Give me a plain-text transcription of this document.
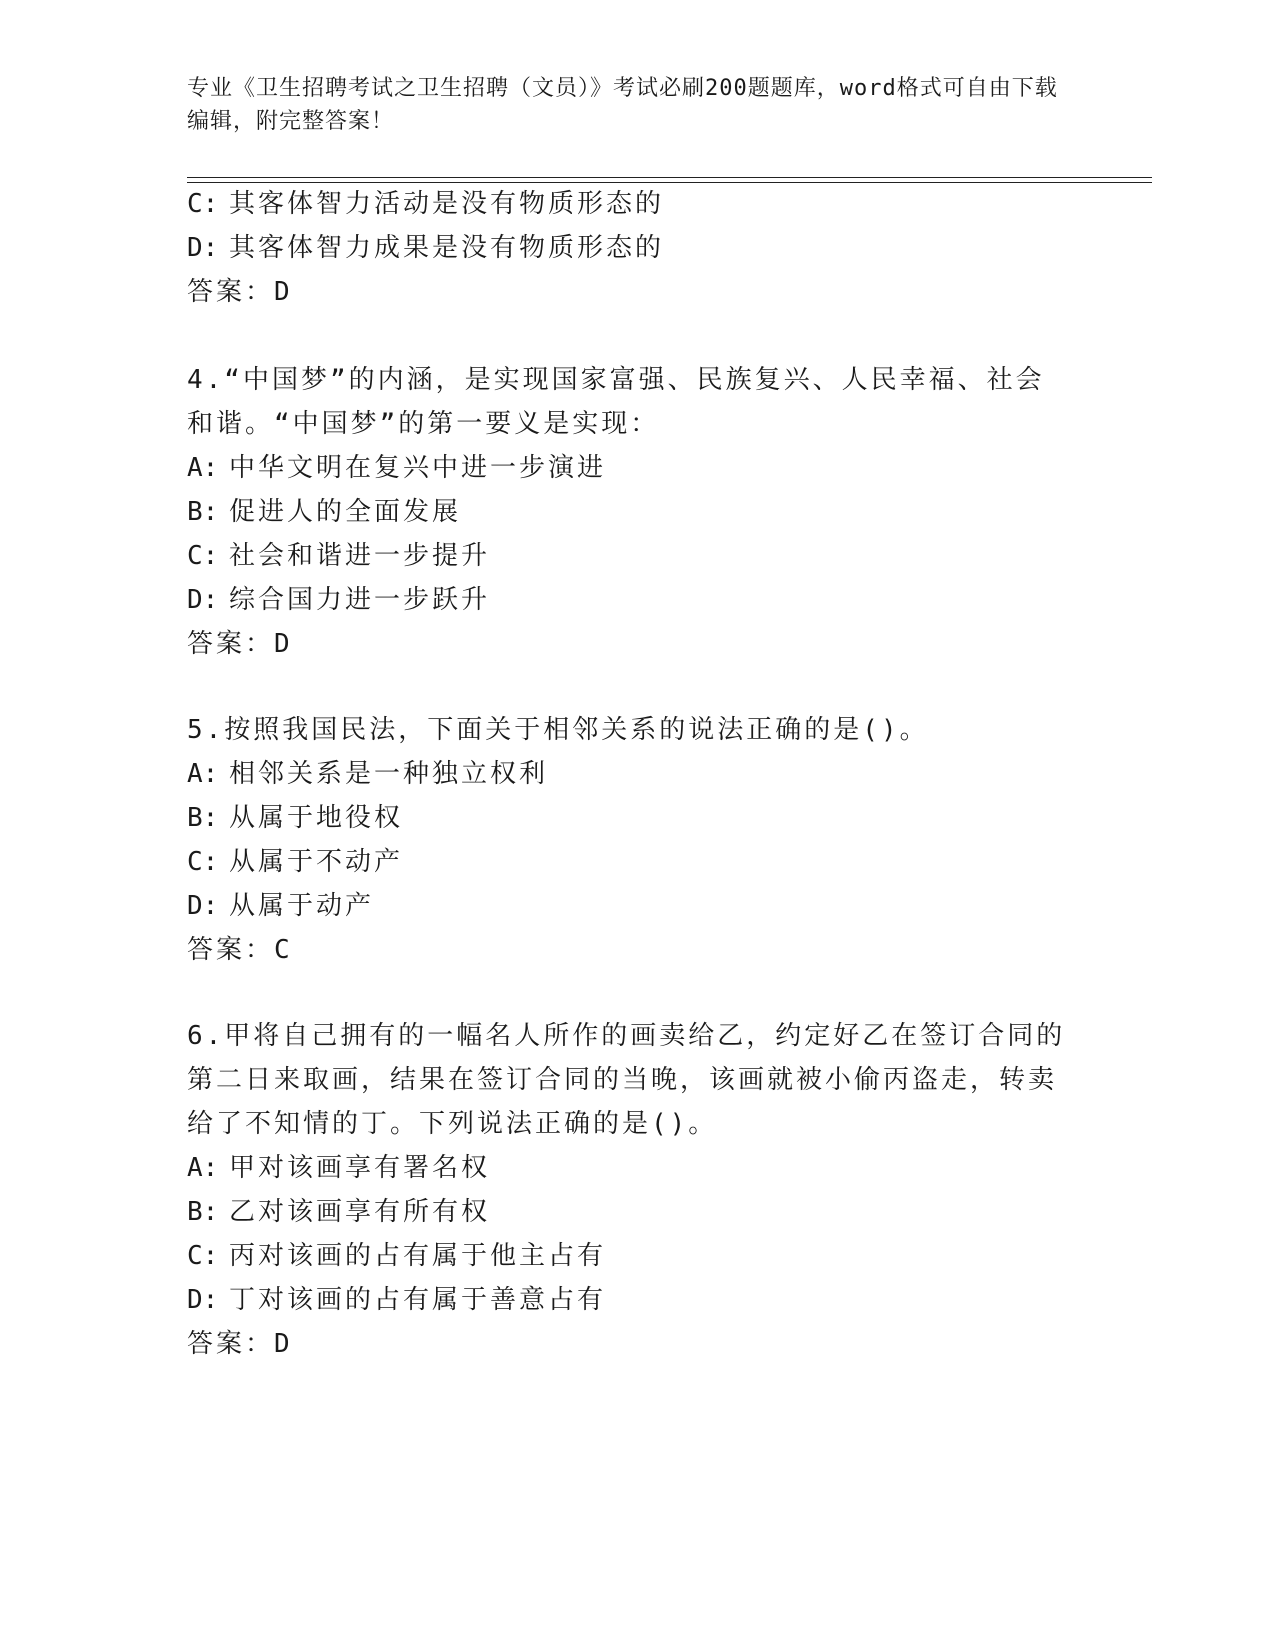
专业《卫生招聘考试之卫生招聘（文员）》考试必刷200题题库，word格式可自由下载编辑，附完整答案！
C: 其客体智力活动是没有物质形态的
D: 其客体智力成果是没有物质形态的
答案：D
4.“中国梦”的内涵，是实现国家富强、民族复兴、人民幸福、社会
和谐。“中国梦”的第一要义是实现：
A: 中华文明在复兴中进一步演进
B: 促进人的全面发展
C: 社会和谐进一步提升
D: 综合国力进一步跃升
答案：D
5.按照我国民法，下面关于相邻关系的说法正确的是()。
A: 相邻关系是一种独立权利
B: 从属于地役权
C: 从属于不动产
D: 从属于动产
答案：C
6.甲将自己拥有的一幅名人所作的画卖给乙，约定好乙在签订合同的
第二日来取画，结果在签订合同的当晚，该画就被小偷丙盗走，转卖
给了不知情的丁。下列说法正确的是()。
A: 甲对该画享有署名权
B: 乙对该画享有所有权
C: 丙对该画的占有属于他主占有
D: 丁对该画的占有属于善意占有
答案：D
